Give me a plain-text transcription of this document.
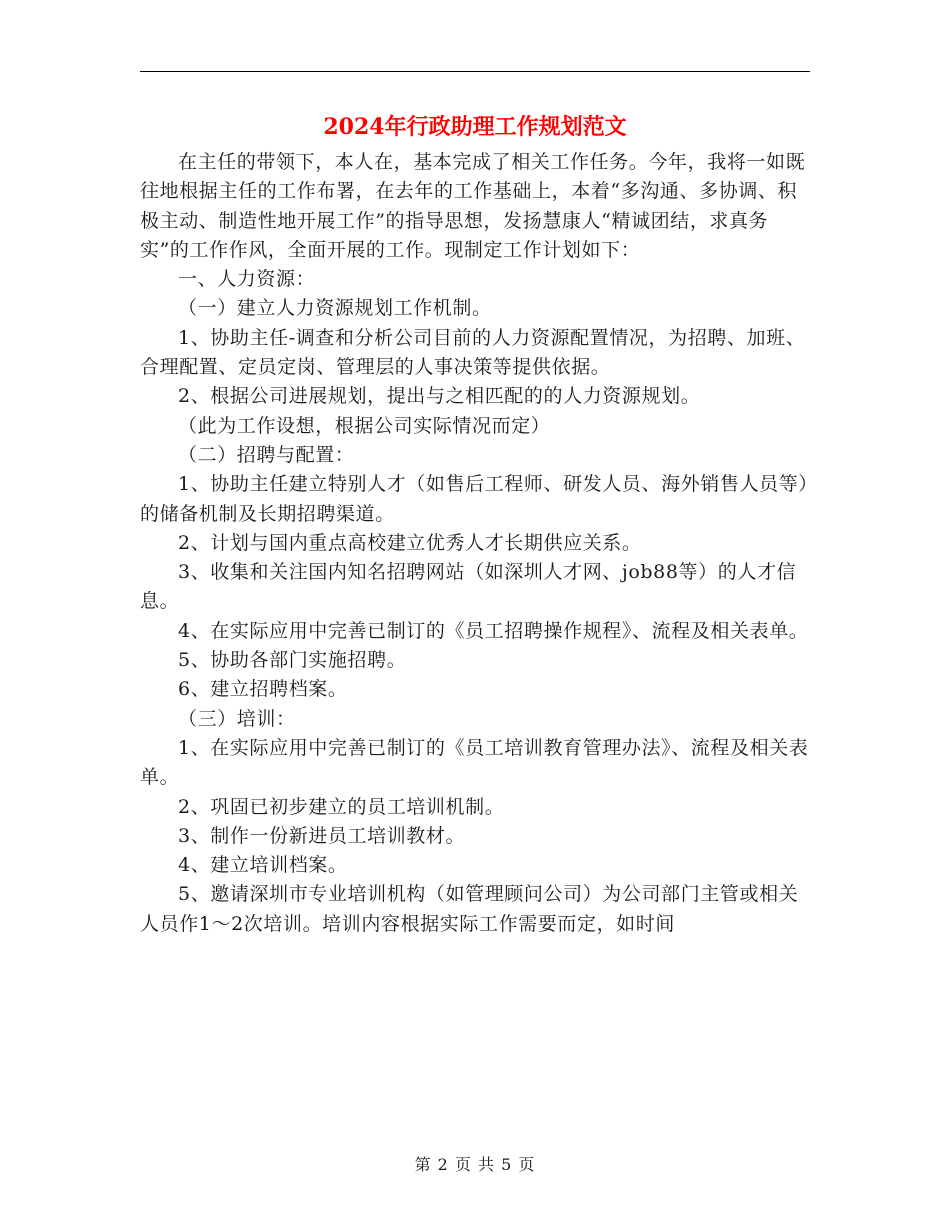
2024年行政助理工作规划范文

在主任的带领下，本人在，基本完成了相关工作任务。今年，我将一如既往地根据主任的工作布署，在去年的工作基础上，本着“多沟通、多协调、积极主动、制造性地开展工作”的指导思想，发扬慧康人“精诚团结，求真务实”的工作作风，全面开展的工作。现制定工作计划如下：

一、人力资源：

（一）建立人力资源规划工作机制。

1、协助主任-调查和分析公司目前的人力资源配置情况，为招聘、加班、合理配置、定员定岗、管理层的人事决策等提供依据。

2、根据公司进展规划，提出与之相匹配的的人力资源规划。

（此为工作设想，根据公司实际情况而定）

（二）招聘与配置：

1、协助主任建立特别人才（如售后工程师、研发人员、海外销售人员等）的储备机制及长期招聘渠道。

2、计划与国内重点高校建立优秀人才长期供应关系。

3、收集和关注国内知名招聘网站（如深圳人才网、job88等）的人才信息。

4、在实际应用中完善已制订的《员工招聘操作规程》、流程及相关表单。

5、协助各部门实施招聘。

6、建立招聘档案。

（三）培训：

1、在实际应用中完善已制订的《员工培训教育管理办法》、流程及相关表单。

2、巩固已初步建立的员工培训机制。

3、制作一份新进员工培训教材。

4、建立培训档案。

5、邀请深圳市专业培训机构（如管理顾问公司）为公司部门主管或相关人员作1～2次培训。培训内容根据实际工作需要而定，如时间

第 2 页 共 5 页
